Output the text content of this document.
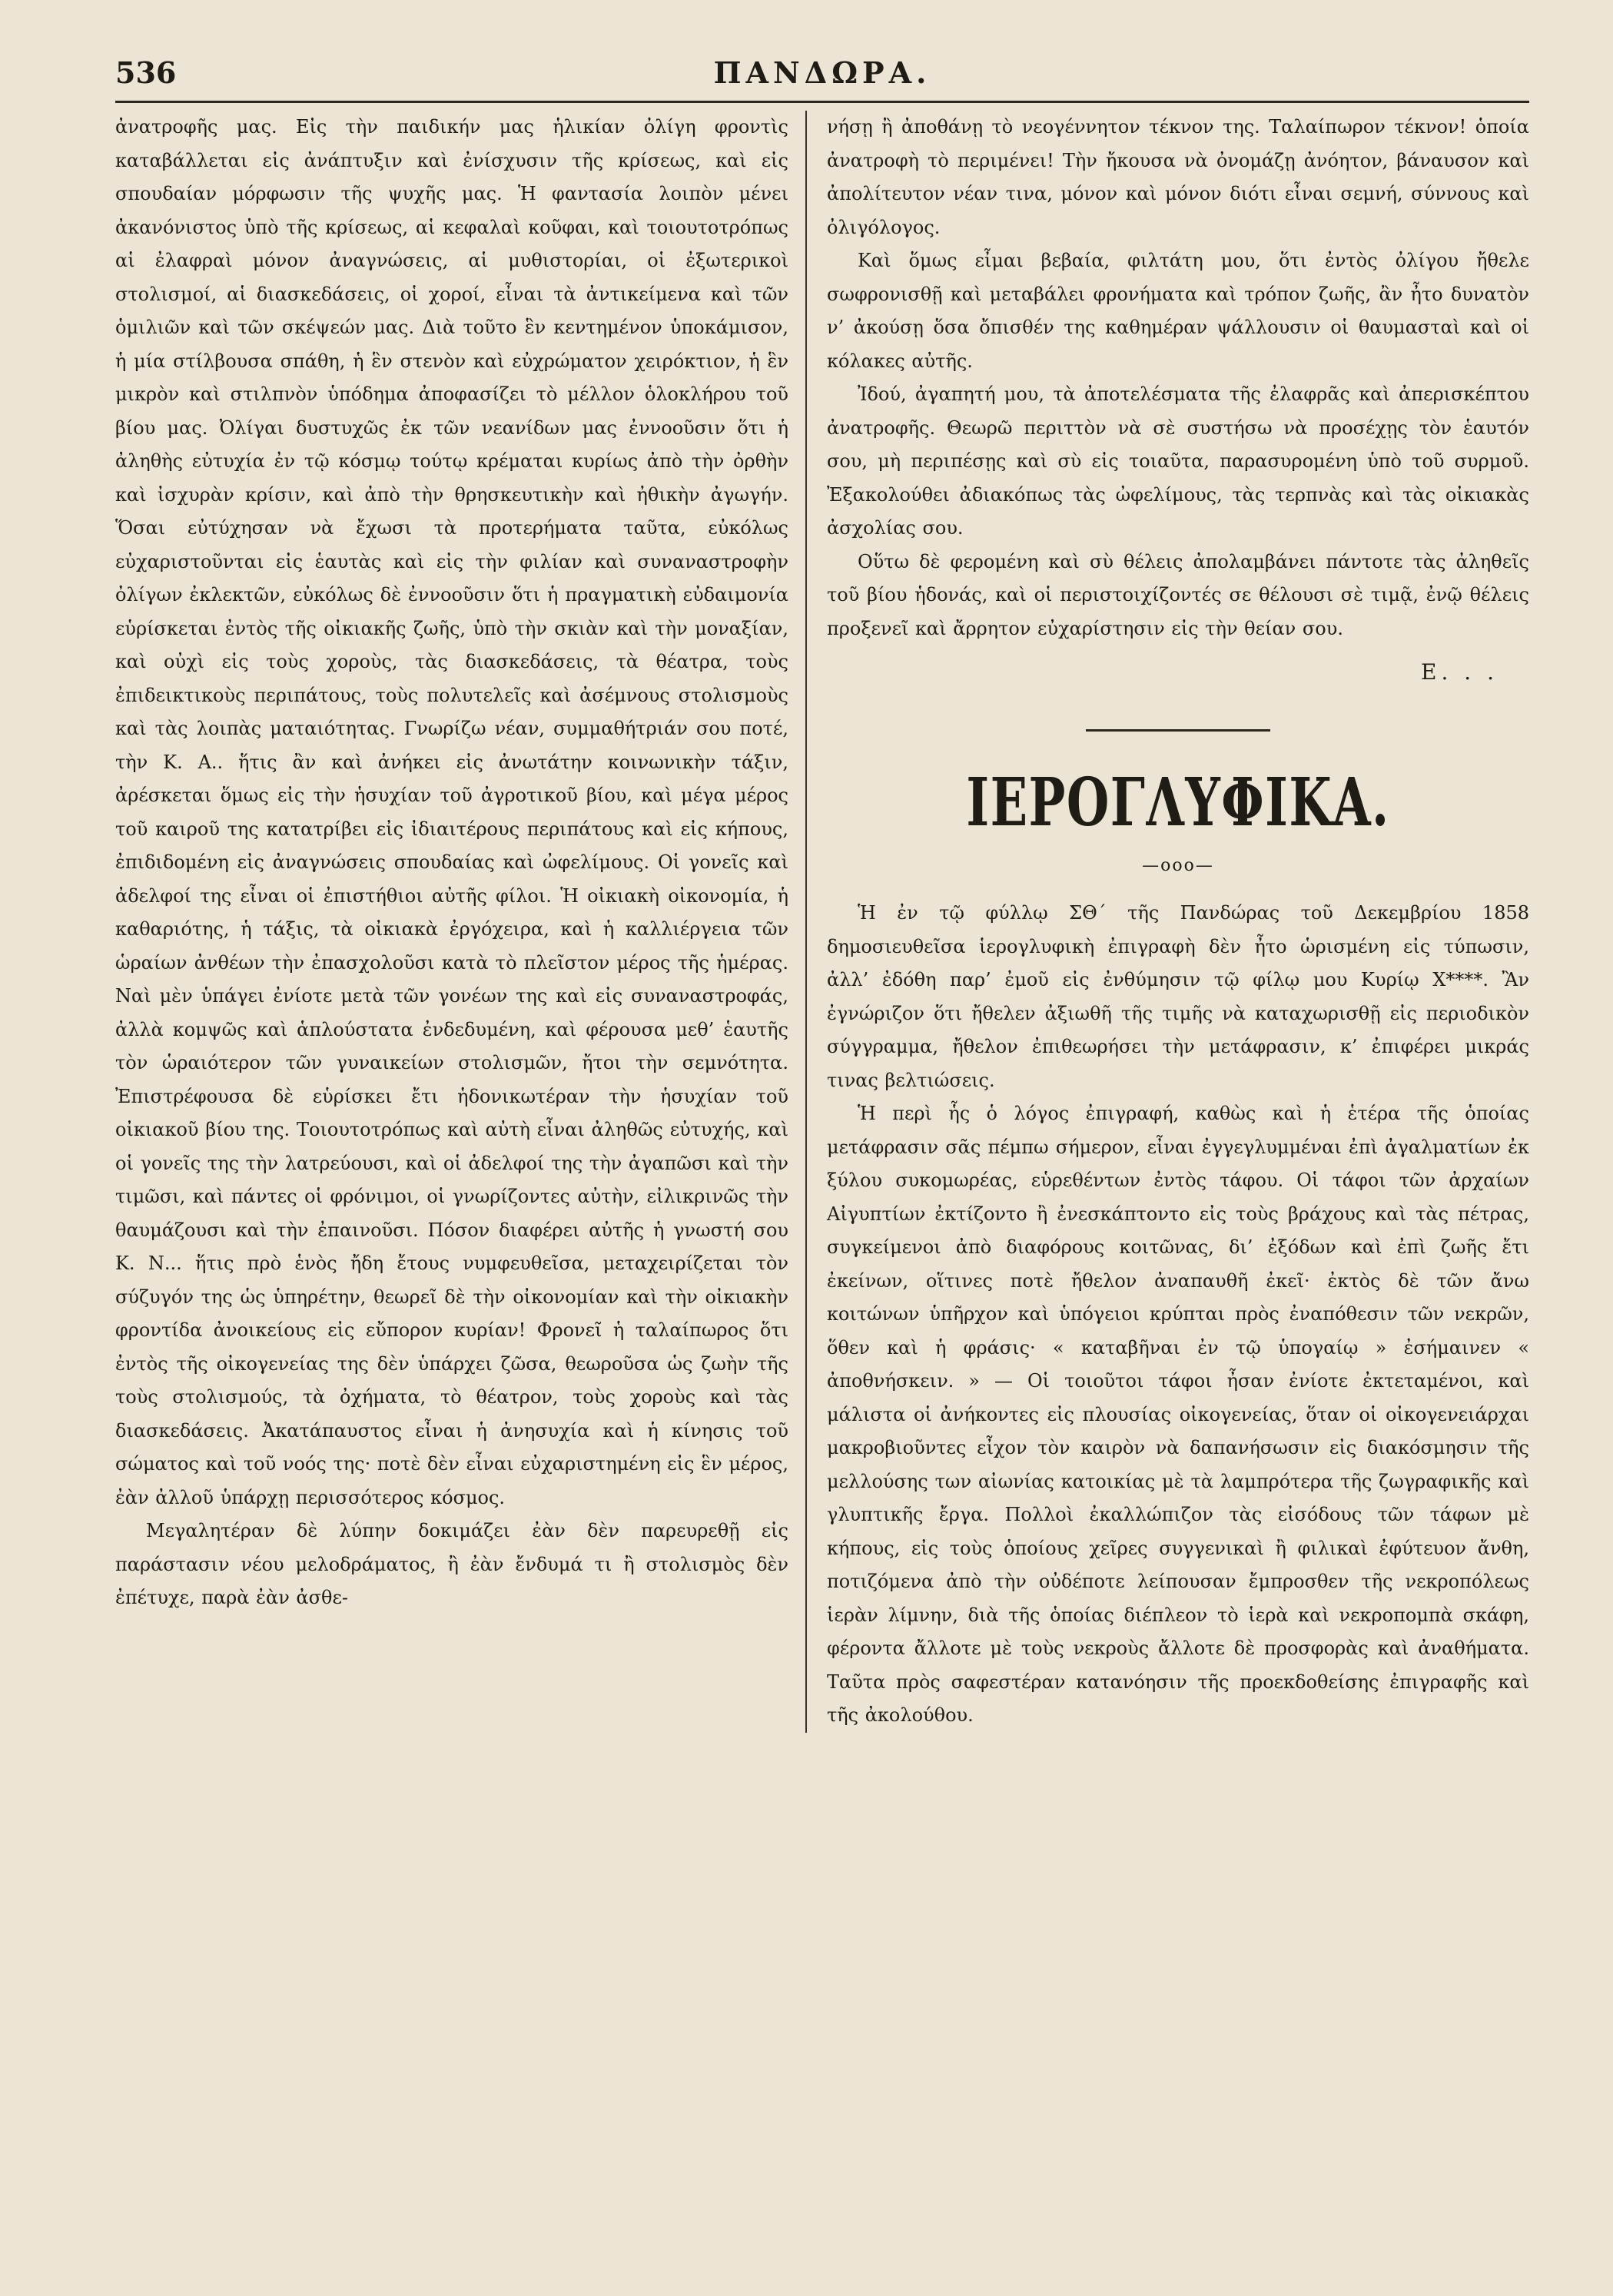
536	ΠΑΝΔΩΡΑ.

ἀνατροφῆς μας. Εἰς τὴν παιδικήν μας ἡλικίαν ὀλίγη φροντὶς καταβάλλεται εἰς ἀνάπτυξιν καὶ ἐνίσχυσιν τῆς κρίσεως, καὶ εἰς σπουδαίαν μόρφωσιν τῆς ψυχῆς μας. Ἡ φαντασία λοιπὸν μένει ἀκανόνιστος ὑπὸ τῆς κρίσεως, αἱ κεφαλαὶ κοῦφαι, καὶ τοιουτοτρόπως αἱ ἐλαφραὶ μόνον ἀναγνώσεις, αἱ μυθιστορίαι, οἱ ἐξωτερικοὶ στολισμοί, αἱ διασκεδάσεις, οἱ χοροί, εἶναι τὰ ἀντικείμενα καὶ τῶν ὁμιλιῶν καὶ τῶν σκέψεών μας. Διὰ τοῦτο ἓν κεντημένον ὑποκάμισον, ἡ μία στίλβουσα σπάθη, ἡ ἓν στενὸν καὶ εὐχρώματον χειρόκτιον, ἡ ἓν μικρὸν καὶ στιλπνὸν ὑπόδημα ἀποφασίζει τὸ μέλλον ὁλοκλήρου τοῦ βίου μας. Ὀλίγαι δυστυχῶς ἐκ τῶν νεανίδων μας ἐννοοῦσιν ὅτι ἡ ἀληθὴς εὐτυχία ἐν τῷ κόσμῳ τούτῳ κρέμαται κυρίως ἀπὸ τὴν ὀρθὴν καὶ ἰσχυρὰν κρίσιν, καὶ ἀπὸ τὴν θρησκευτικὴν καὶ ἠθικὴν ἀγωγήν. Ὅσαι εὐτύχησαν νὰ ἔχωσι τὰ προτερήματα ταῦτα, εὐκόλως εὐχαριστοῦνται εἰς ἑαυτὰς καὶ εἰς τὴν φιλίαν καὶ συναναστροφὴν ὀλίγων ἐκλεκτῶν, εὐκόλως δὲ ἐννοοῦσιν ὅτι ἡ πραγματικὴ εὐδαιμονία εὑρίσκεται ἐντὸς τῆς οἰκιακῆς ζωῆς, ὑπὸ τὴν σκιὰν καὶ τὴν μοναξίαν, καὶ οὐχὶ εἰς τοὺς χοροὺς, τὰς διασκεδάσεις, τὰ θέατρα, τοὺς ἐπιδεικτικοὺς περιπάτους, τοὺς πολυτελεῖς καὶ ἀσέμνους στολισμοὺς καὶ τὰς λοιπὰς ματαιότητας. Γνωρίζω νέαν, συμμαθήτριάν σου ποτέ, τὴν Κ. Α.. ἥτις ἂν καὶ ἀνήκει εἰς ἀνωτάτην κοινωνικὴν τάξιν, ἀρέσκεται ὅμως εἰς τὴν ἡσυχίαν τοῦ ἀγροτικοῦ βίου, καὶ μέγα μέρος τοῦ καιροῦ της κατατρίβει εἰς ἰδιαιτέρους περιπάτους καὶ εἰς κήπους, ἐπιδιδομένη εἰς ἀναγνώσεις σπουδαίας καὶ ὠφελίμους. Οἱ γονεῖς καὶ ἀδελφοί της εἶναι οἱ ἐπιστήθιοι αὐτῆς φίλοι. Ἡ οἰκιακὴ οἰκονομία, ἡ καθαριότης, ἡ τάξις, τὰ οἰκιακὰ ἐργόχειρα, καὶ ἡ καλλιέργεια τῶν ὡραίων ἀνθέων τὴν ἐπασχολοῦσι κατὰ τὸ πλεῖστον μέρος τῆς ἡμέρας. Ναὶ μὲν ὑπάγει ἐνίοτε μετὰ τῶν γονέων της καὶ εἰς συναναστροφάς, ἀλλὰ κομψῶς καὶ ἁπλούστατα ἐνδεδυμένη, καὶ φέρουσα μεθ’ ἑαυτῆς τὸν ὡραιότερον τῶν γυναικείων στολισμῶν, ἤτοι τὴν σεμνότητα. Ἐπιστρέφουσα δὲ εὑρίσκει ἔτι ἡδονικωτέραν τὴν ἡσυχίαν τοῦ οἰκιακοῦ βίου της. Τοιουτοτρόπως καὶ αὐτὴ εἶναι ἀληθῶς εὐτυχής, καὶ οἱ γονεῖς της τὴν λατρεύουσι, καὶ οἱ ἀδελφοί της τὴν ἀγαπῶσι καὶ τὴν τιμῶσι, καὶ πάντες οἱ φρόνιμοι, οἱ γνωρίζοντες αὐτὴν, εἰλικρινῶς τὴν θαυμάζουσι καὶ τὴν ἐπαινοῦσι. Πόσον διαφέρει αὐτῆς ἡ γνωστή σου Κ. Ν... ἥτις πρὸ ἑνὸς ἤδη ἔτους νυμφευθεῖσα, μεταχειρίζεται τὸν σύζυγόν της ὡς ὑπηρέτην, θεωρεῖ δὲ τὴν οἰκονομίαν καὶ τὴν οἰκιακὴν φροντίδα ἀνοικείους εἰς εὔπορον κυρίαν! Φρονεῖ ἡ ταλαίπωρος ὅτι ἐντὸς τῆς οἰκογενείας της δὲν ὑπάρχει ζῶσα, θεωροῦσα ὡς ζωὴν τῆς τοὺς στολισμούς, τὰ ὀχήματα, τὸ θέατρον, τοὺς χοροὺς καὶ τὰς διασκεδάσεις. Ἀκατάπαυστος εἶναι ἡ ἀνησυχία καὶ ἡ κίνησις τοῦ σώματος καὶ τοῦ νοός της· ποτὲ δὲν εἶναι εὐχαριστημένη εἰς ἓν μέρος, ἐὰν ἀλλοῦ ὑπάρχῃ περισσότερος κόσμος.

Μεγαλητέραν δὲ λύπην δοκιμάζει ἐὰν δὲν παρευρεθῇ εἰς παράστασιν νέου μελοδράματος, ἢ ἐὰν ἔνδυμά τι ἢ στολισμὸς δὲν ἐπέτυχε, παρὰ ἐὰν ἀσθε-

νήσῃ ἢ ἀποθάνῃ τὸ νεογέννητον τέκνον της. Ταλαίπωρον τέκνον! ὁποία ἀνατροφὴ τὸ περιμένει! Τὴν ἤκουσα νὰ ὀνομάζῃ ἀνόητον, βάναυσον καὶ ἀπολίτευτον νέαν τινα, μόνον καὶ μόνον διότι εἶναι σεμνή, σύννους καὶ ὀλιγόλογος.

Καὶ ὅμως εἶμαι βεβαία, φιλτάτη μου, ὅτι ἐντὸς ὀλίγου ἤθελε σωφρονισθῇ καὶ μεταβάλει φρονήματα καὶ τρόπον ζωῆς, ἂν ἦτο δυνατὸν ν’ ἀκούσῃ ὅσα ὄπισθέν της καθημέραν ψάλλουσιν οἱ θαυμασταὶ καὶ οἱ κόλακες αὐτῆς.

Ἰδού, ἀγαπητή μου, τὰ ἀποτελέσματα τῆς ἐλαφρᾶς καὶ ἀπερισκέπτου ἀνατροφῆς. Θεωρῶ περιττὸν νὰ σὲ συστήσω νὰ προσέχῃς τὸν ἑαυτόν σου, μὴ περιπέσῃς καὶ σὺ εἰς τοιαῦτα, παρασυρομένη ὑπὸ τοῦ συρμοῦ. Ἐξακολούθει ἀδιακόπως τὰς ὠφελίμους, τὰς τερπνὰς καὶ τὰς οἰκιακὰς ἀσχολίας σου.

Οὕτω δὲ φερομένη καὶ σὺ θέλεις ἀπολαμβάνει πάντοτε τὰς ἀληθεῖς τοῦ βίου ἡδονάς, καὶ οἱ περιστοιχίζοντές σε θέλουσι σὲ τιμᾷ, ἐνῷ θέλεις προξενεῖ καὶ ἄρρητον εὐχαρίστησιν εἰς τὴν θείαν σου.

Ε. . .

ΙΕΡΟΓΛΥΦΙΚΑ.
—ooo—

Ἡ ἐν τῷ φύλλῳ ΣΘ΄ τῆς Πανδώρας τοῦ Δεκεμβρίου 1858 δημοσιευθεῖσα ἱερογλυφικὴ ἐπιγραφὴ δὲν ἦτο ὡρισμένη εἰς τύπωσιν, ἀλλ’ ἐδόθη παρ’ ἐμοῦ εἰς ἐνθύμησιν τῷ φίλῳ μου Κυρίῳ Χ****. Ἂν ἐγνώριζον ὅτι ἤθελεν ἀξιωθῆ τῆς τιμῆς νὰ καταχωρισθῇ εἰς περιοδικὸν σύγγραμμα, ἤθελον ἐπιθεωρήσει τὴν μετάφρασιν, κ’ ἐπιφέρει μικράς τινας βελτιώσεις.

Ἡ περὶ ἧς ὁ λόγος ἐπιγραφή, καθὼς καὶ ἡ ἑτέρα τῆς ὁποίας μετάφρασιν σᾶς πέμπω σήμερον, εἶναι ἐγγεγλυμμέναι ἐπὶ ἀγαλματίων ἐκ ξύλου συκομωρέας, εὑρεθέντων ἐντὸς τάφου. Οἱ τάφοι τῶν ἀρχαίων Αἰγυπτίων ἐκτίζοντο ἢ ἐνεσκάπτοντο εἰς τοὺς βράχους καὶ τὰς πέτρας, συγκείμενοι ἀπὸ διαφόρους κοιτῶνας, δι’ ἐξόδων καὶ ἐπὶ ζωῆς ἔτι ἐκείνων, οἵτινες ποτὲ ἤθελον ἀναπαυθῆ ἐκεῖ· ἐκτὸς δὲ τῶν ἄνω κοιτώνων ὑπῆρχον καὶ ὑπόγειοι κρύπται πρὸς ἐναπόθεσιν τῶν νεκρῶν, ὅθεν καὶ ἡ φράσις· « καταβῆναι ἐν τῷ ὑπογαίῳ » ἐσήμαινεν « ἀποθνήσκειν. » — Οἱ τοιοῦτοι τάφοι ἦσαν ἐνίοτε ἐκτεταμένοι, καὶ μάλιστα οἱ ἀνήκοντες εἰς πλουσίας οἰκογενείας, ὅταν οἱ οἰκογενειάρχαι μακροβιοῦντες εἶχον τὸν καιρὸν νὰ δαπανήσωσιν εἰς διακόσμησιν τῆς μελλούσης των αἰωνίας κατοικίας μὲ τὰ λαμπρότερα τῆς ζωγραφικῆς καὶ γλυπτικῆς ἔργα. Πολλοὶ ἐκαλλώπιζον τὰς εἰσόδους τῶν τάφων μὲ κήπους, εἰς τοὺς ὁποίους χεῖρες συγγενικαὶ ἢ φιλικαὶ ἐφύτευον ἄνθη, ποτιζόμενα ἀπὸ τὴν οὐδέποτε λείπουσαν ἔμπροσθεν τῆς νεκροπόλεως ἱερὰν λίμνην, διὰ τῆς ὁποίας διέπλεον τὸ ἱερὰ καὶ νεκροπομπὰ σκάφη, φέροντα ἄλλοτε μὲ τοὺς νεκροὺς ἄλλοτε δὲ προσφορὰς καὶ ἀναθήματα. Ταῦτα πρὸς σαφεστέραν κατανόησιν τῆς προεκδοθείσης ἐπιγραφῆς καὶ τῆς ἀκολούθου.
